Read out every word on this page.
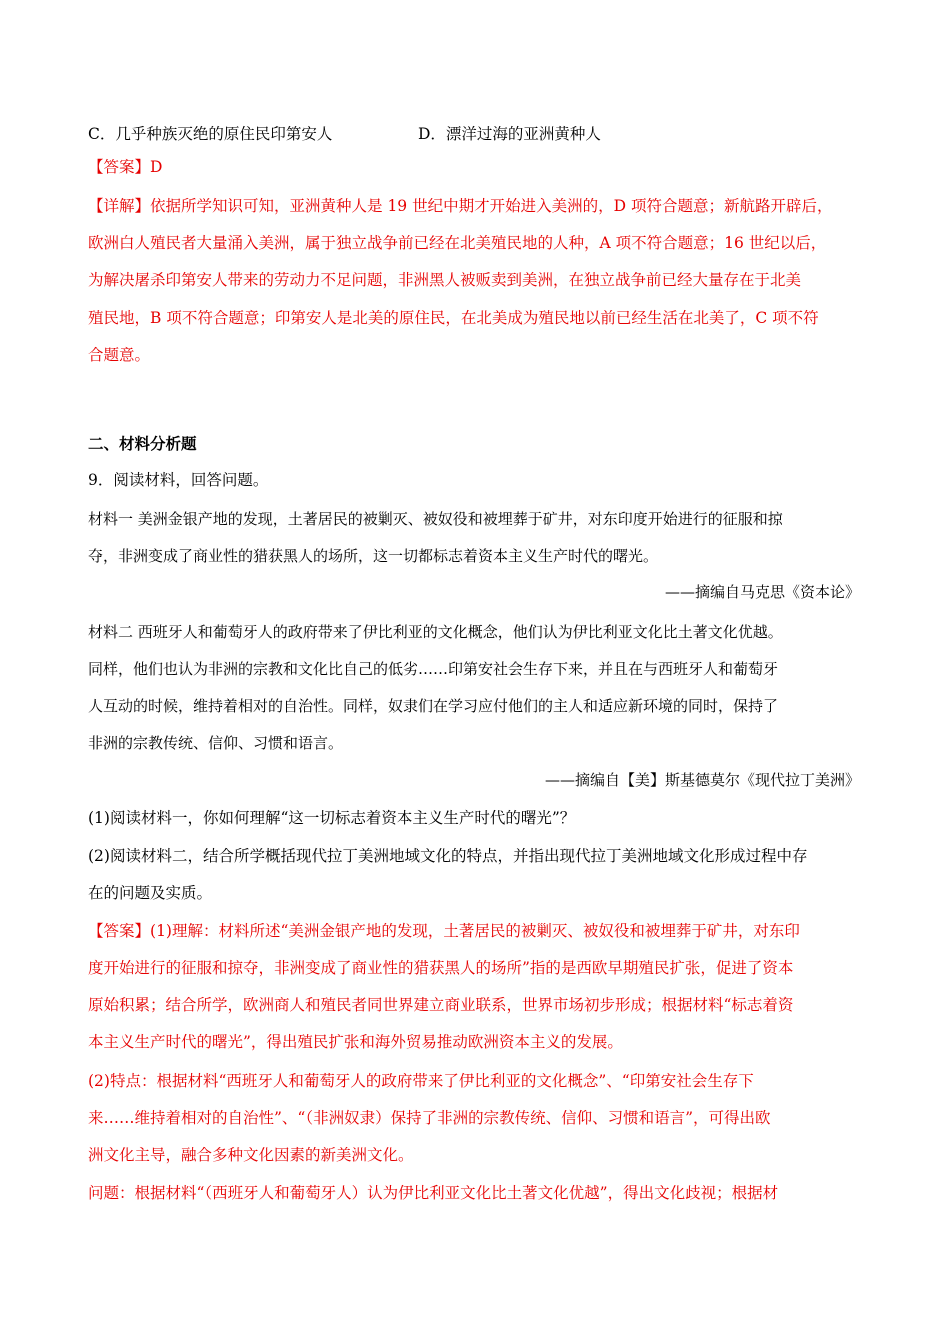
C．几乎种族灭绝的原住民印第安人	D．漂洋过海的亚洲黄种人
【答案】D
【详解】依据所学知识可知，亚洲黄种人是 19 世纪中期才开始进入美洲的，D 项符合题意；新航路开辟后，
欧洲白人殖民者大量涌入美洲，属于独立战争前已经在北美殖民地的人种，A 项不符合题意；16 世纪以后，
为解决屠杀印第安人带来的劳动力不足问题，非洲黑人被贩卖到美洲，在独立战争前已经大量存在于北美
殖民地，B 项不符合题意；印第安人是北美的原住民，在北美成为殖民地以前已经生活在北美了，C 项不符
合题意。
二、材料分析题
9．阅读材料，回答问题。
材料一 美洲金银产地的发现，土著居民的被剿灭、被奴役和被埋葬于矿井，对东印度开始进行的征服和掠
夺，非洲变成了商业性的猎获黑人的场所，这一切都标志着资本主义生产时代的曙光。
——摘编自马克思《资本论》
材料二 西班牙人和葡萄牙人的政府带来了伊比利亚的文化概念，他们认为伊比利亚文化比土著文化优越。
同样，他们也认为非洲的宗教和文化比自己的低劣……印第安社会生存下来，并且在与西班牙人和葡萄牙
人互动的时候，维持着相对的自治性。同样，奴隶们在学习应付他们的主人和适应新环境的同时，保持了
非洲的宗教传统、信仰、习惯和语言。
——摘编自【美】斯基德莫尔《现代拉丁美洲》
(1)阅读材料一，你如何理解“这一切标志着资本主义生产时代的曙光”？
(2)阅读材料二，结合所学概括现代拉丁美洲地域文化的特点，并指出现代拉丁美洲地域文化形成过程中存
在的问题及实质。
【答案】(1)理解：材料所述“美洲金银产地的发现，土著居民的被剿灭、被奴役和被埋葬于矿井，对东印
度开始进行的征服和掠夺，非洲变成了商业性的猎获黑人的场所”指的是西欧早期殖民扩张，促进了资本
原始积累；结合所学，欧洲商人和殖民者同世界建立商业联系，世界市场初步形成；根据材料“标志着资
本主义生产时代的曙光”，得出殖民扩张和海外贸易推动欧洲资本主义的发展。
(2)特点：根据材料“西班牙人和葡萄牙人的政府带来了伊比利亚的文化概念”、“印第安社会生存下
来……维持着相对的自治性”、“（非洲奴隶）保持了非洲的宗教传统、信仰、习惯和语言”，可得出欧
洲文化主导，融合多种文化因素的新美洲文化。
问题：根据材料“（西班牙人和葡萄牙人）认为伊比利亚文化比土著文化优越”，得出文化歧视；根据材
